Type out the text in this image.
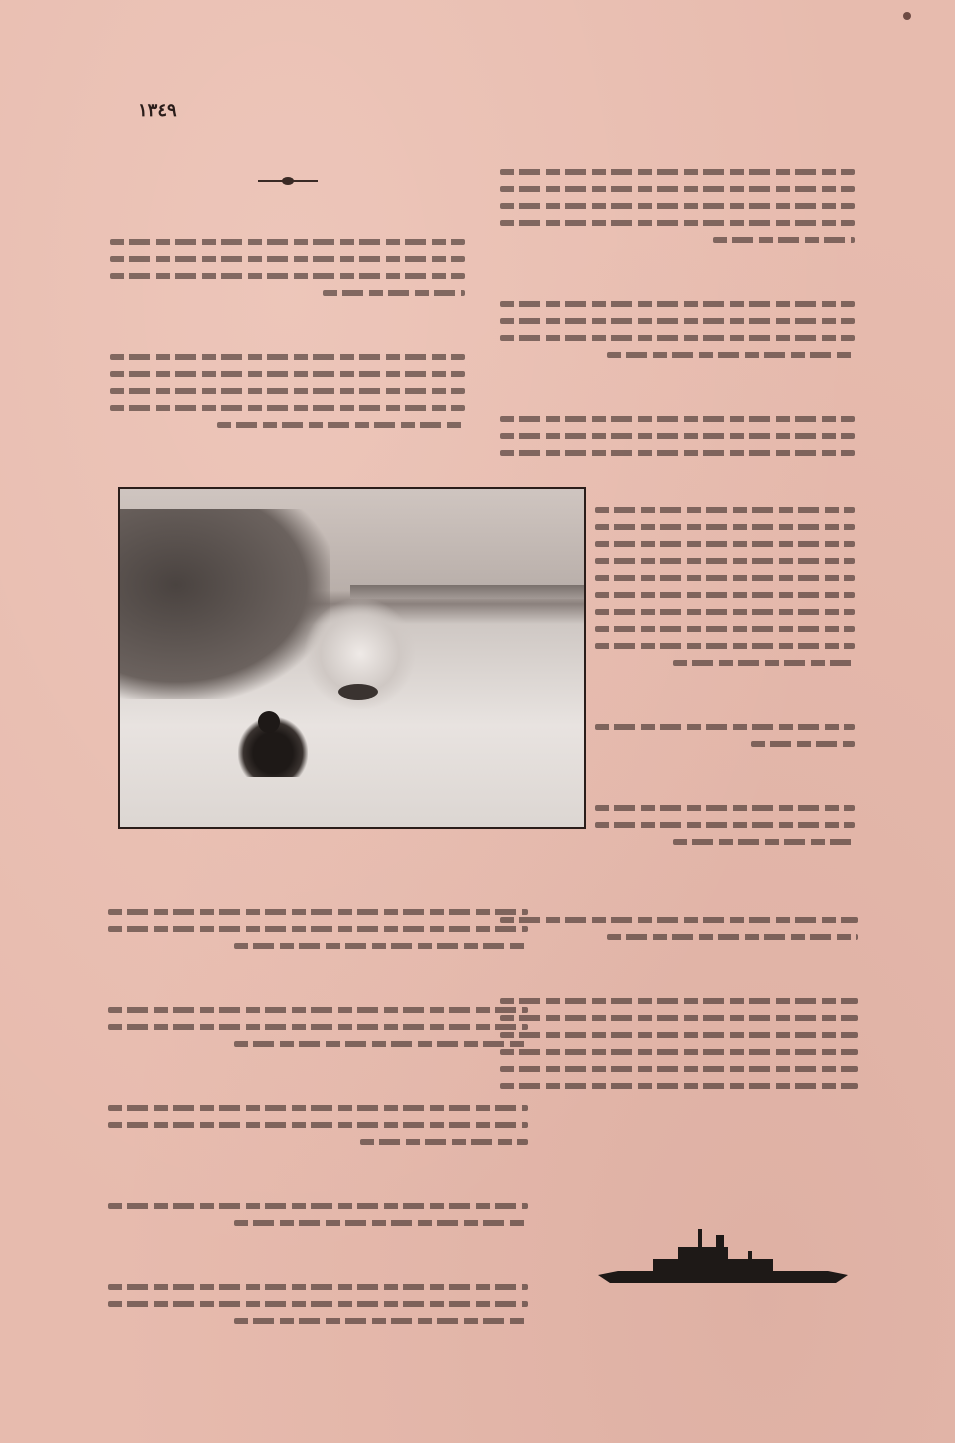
١٣٤٩
